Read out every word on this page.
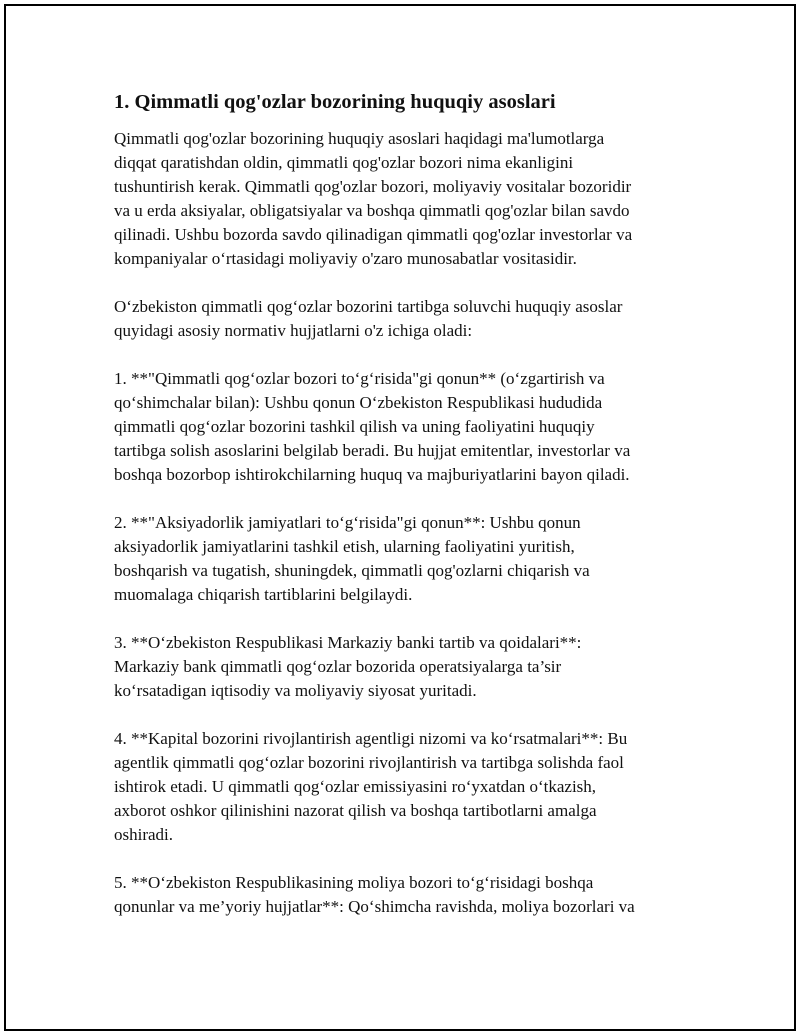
1. Qimmatli qog'ozlar bozorining huquqiy asoslari
Qimmatli qog'ozlar bozorining huquqiy asoslari haqidagi ma'lumotlarga
diqqat qaratishdan oldin, qimmatli qog'ozlar bozori nima ekanligini
tushuntirish kerak. Qimmatli qog'ozlar bozori, moliyaviy vositalar bozoridir
va u erda aksiyalar, obligatsiyalar va boshqa qimmatli qog'ozlar bilan savdo
qilinadi. Ushbu bozorda savdo qilinadigan qimmatli qog'ozlar investorlar va
kompaniyalar o‘rtasidagi moliyaviy o'zaro munosabatlar vositasidir.
O‘zbekiston qimmatli qog‘ozlar bozorini tartibga soluvchi huquqiy asoslar
quyidagi asosiy normativ hujjatlarni o'z ichiga oladi:
1. **"Qimmatli qog‘ozlar bozori to‘g‘risida"gi qonun** (o‘zgartirish va
qo‘shimchalar bilan): Ushbu qonun O‘zbekiston Respublikasi hududida
qimmatli qog‘ozlar bozorini tashkil qilish va uning faoliyatini huquqiy
tartibga solish asoslarini belgilab beradi. Bu hujjat emitentlar, investorlar va
boshqa bozorbop ishtirokchilarning huquq va majburiyatlarini bayon qiladi.
2. **"Aksiyadorlik jamiyatlari to‘g‘risida"gi qonun**: Ushbu qonun
aksiyadorlik jamiyatlarini tashkil etish, ularning faoliyatini yuritish,
boshqarish va tugatish, shuningdek, qimmatli qog'ozlarni chiqarish va
muomalaga chiqarish tartiblarini belgilaydi.
3. **O‘zbekiston Respublikasi Markaziy banki tartib va qoidalari**:
Markaziy bank qimmatli qog‘ozlar bozorida operatsiyalarga ta’sir
ko‘rsatadigan iqtisodiy va moliyaviy siyosat yuritadi.
4. **Kapital bozorini rivojlantirish agentligi nizomi va ko‘rsatmalari**: Bu
agentlik qimmatli qog‘ozlar bozorini rivojlantirish va tartibga solishda faol
ishtirok etadi. U qimmatli qog‘ozlar emissiyasini ro‘yxatdan o‘tkazish,
axborot oshkor qilinishini nazorat qilish va boshqa tartibotlarni amalga
oshiradi.
5. **O‘zbekiston Respublikasining moliya bozori to‘g‘risidagi boshqa
qonunlar va me’yoriy hujjatlar**: Qo‘shimcha ravishda, moliya bozorlari va
